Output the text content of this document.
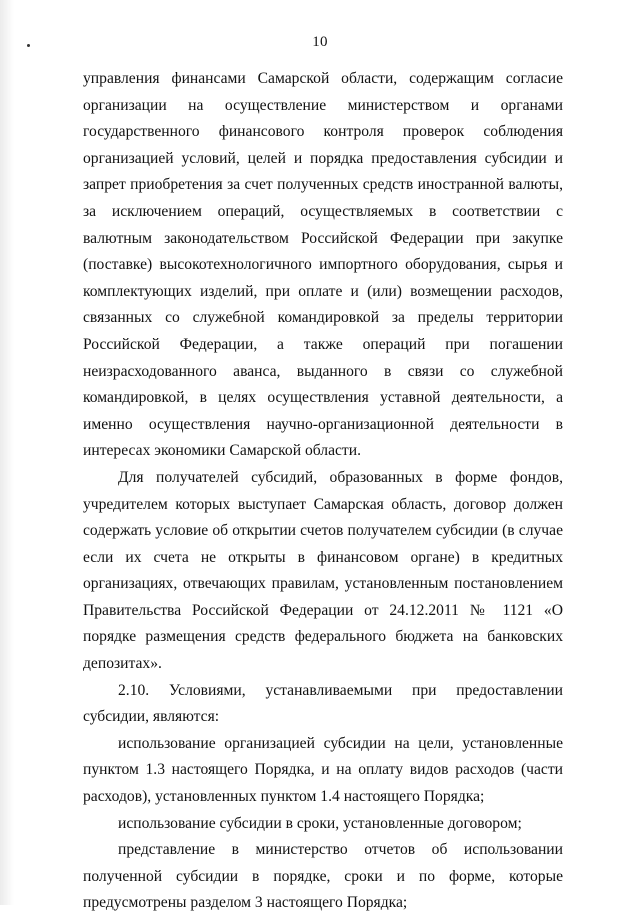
10

управления финансами Самарской области, содержащим согласие организации на осуществление министерством и органами государственного финансового контроля проверок соблюдения организацией условий, целей и порядка предоставления субсидии и запрет приобретения за счет полученных средств иностранной валюты, за исключением операций, осуществляемых в соответствии с валютным законодательством Российской Федерации при закупке (поставке) высокотехнологичного импортного оборудования, сырья и комплектующих изделий, при оплате и (или) возмещении расходов, связанных со служебной командировкой за пределы территории Российской Федерации, а также операций при погашении неизрасходованного аванса, выданного в связи со служебной командировкой, в целях осуществления уставной деятельности, а именно осуществления научно-организационной деятельности в интересах экономики Самарской области.

Для получателей субсидий, образованных в форме фондов, учредителем которых выступает Самарская область, договор должен содержать условие об открытии счетов получателем субсидии (в случае если их счета не открыты в финансовом органе) в кредитных организациях, отвечающих правилам, установленным постановлением Правительства Российской Федерации от 24.12.2011 № 1121 «О порядке размещения средств федерального бюджета на банковских депозитах».

2.10. Условиями, устанавливаемыми при предоставлении субсидии, являются:

использование организацией субсидии на цели, установленные пунктом 1.3 настоящего Порядка, и на оплату видов расходов (части расходов), установленных пунктом 1.4 настоящего Порядка;

использование субсидии в сроки, установленные договором;

представление в министерство отчетов об использовании полученной субсидии в порядке, сроки и по форме, которые предусмотрены разделом 3 настоящего Порядка;
